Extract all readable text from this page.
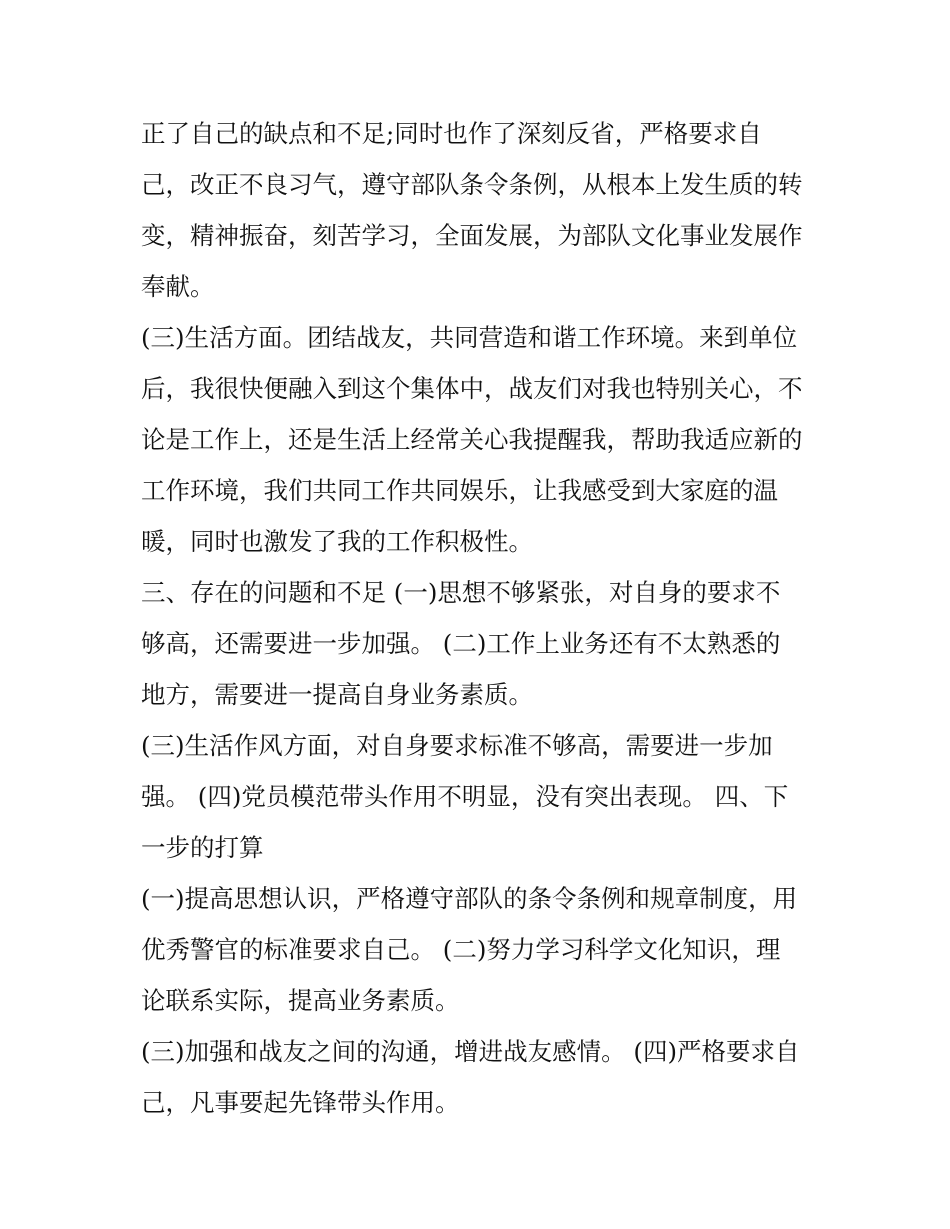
正了自己的缺点和不足;同时也作了深刻反省，严格要求自
己，改正不良习气，遵守部队条令条例，从根本上发生质的转
变，精神振奋，刻苦学习，全面发展，为部队文化事业发展作
奉献。
(三)生活方面。团结战友，共同营造和谐工作环境。来到单位
后，我很快便融入到这个集体中，战友们对我也特别关心，不
论是工作上，还是生活上经常关心我提醒我，帮助我适应新的
工作环境，我们共同工作共同娱乐，让我感受到大家庭的温
暖，同时也激发了我的工作积极性。
三、存在的问题和不足 (一)思想不够紧张，对自身的要求不
够高，还需要进一步加强。 (二)工作上业务还有不太熟悉的
地方，需要进一提高自身业务素质。
(三)生活作风方面，对自身要求标准不够高，需要进一步加
强。 (四)党员模范带头作用不明显，没有突出表现。 四、下
一步的打算
(一)提高思想认识，严格遵守部队的条令条例和规章制度，用
优秀警官的标准要求自己。 (二)努力学习科学文化知识，理
论联系实际，提高业务素质。
(三)加强和战友之间的沟通，增进战友感情。 (四)严格要求自
己，凡事要起先锋带头作用。
